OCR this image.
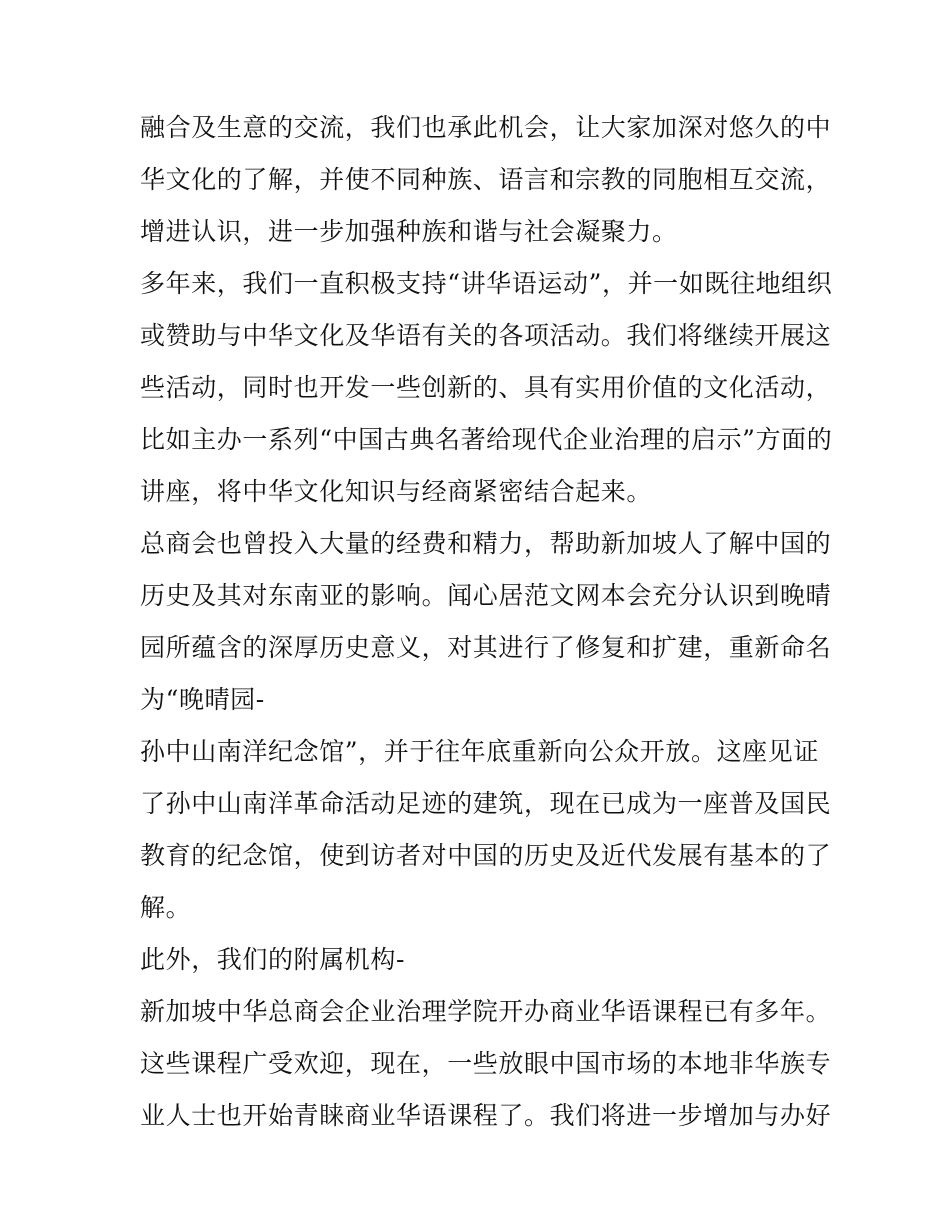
融合及生意的交流，我们也承此机会，让大家加深对悠久的中
华文化的了解，并使不同种族、语言和宗教的同胞相互交流，
增进认识，进一步加强种族和谐与社会凝聚力。
多年来，我们一直积极支持“讲华语运动”，并一如既往地组织
或赞助与中华文化及华语有关的各项活动。我们将继续开展这
些活动，同时也开发一些创新的、具有实用价值的文化活动，
比如主办一系列“中国古典名著给现代企业治理的启示”方面的
讲座，将中华文化知识与经商紧密结合起来。
总商会也曾投入大量的经费和精力，帮助新加坡人了解中国的
历史及其对东南亚的影响。闻心居范文网本会充分认识到晚晴
园所蕴含的深厚历史意义，对其进行了修复和扩建，重新命名
为“晚晴园-
孙中山南洋纪念馆”，并于往年底重新向公众开放。这座见证
了孙中山南洋革命活动足迹的建筑，现在已成为一座普及国民
教育的纪念馆，使到访者对中国的历史及近代发展有基本的了
解。
此外，我们的附属机构-
新加坡中华总商会企业治理学院开办商业华语课程已有多年。
这些课程广受欢迎，现在，一些放眼中国市场的本地非华族专
业人士也开始青睐商业华语课程了。我们将进一步增加与办好
